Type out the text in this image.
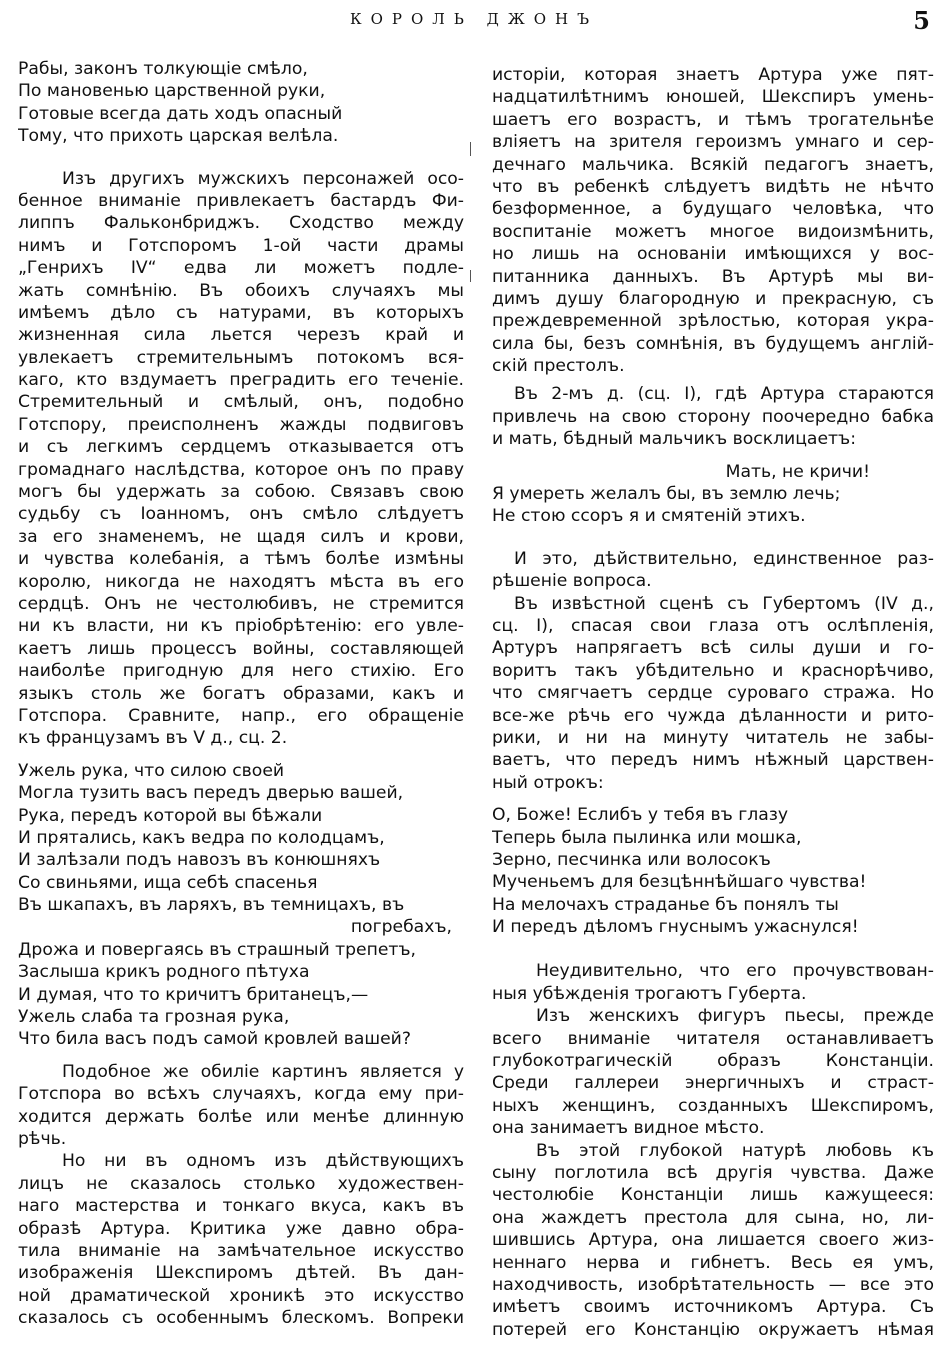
КОРОЛЬ ДЖОНЪ	5
Рабы, законъ толкующіе смѣло,
По мановенью царственной руки,
Готовые всегда дать ходъ опасный
Тому, что прихоть царская велѣла.
Изъ другихъ мужскихъ персонажей осо-
бенное вниманіе привлекаетъ бастардъ Фи-
липпъ Фальконбриджъ. Сходство между
нимъ и Готспоромъ 1-ой части драмы
„Генрихъ IV“ едва ли можетъ подле-
жать сомнѣнію. Въ обоихъ случаяхъ мы
имѣемъ дѣло съ натурами, въ которыхъ
жизненная сила льется черезъ край и
увлекаетъ стремительнымъ потокомъ вся-
каго, кто вздумаетъ преградить его теченіе.
Стремительный и смѣлый, онъ, подобно
Готспору, преисполненъ жажды подвиговъ
и съ легкимъ сердцемъ отказывается отъ
громаднаго наслѣдства, которое онъ по праву
могъ бы удержать за собою. Связавъ свою
судьбу съ Іоанномъ, онъ смѣло слѣдуетъ
за его знаменемъ, не щадя силъ и крови,
и чувства колебанія, а тѣмъ болѣе измѣны
королю, никогда не находятъ мѣста въ его
сердцѣ. Онъ не честолюбивъ, не стремится
ни къ власти, ни къ пріобрѣтенію: его увле-
каетъ лишь процессъ войны, составляющей
наиболѣе пригодную для него стихію. Его
языкъ столь же богатъ образами, какъ и
Готспора. Сравните, напр., его обращеніе
къ французамъ въ V д., сц. 2.
Ужель рука, что силою своей
Могла тузить васъ передъ дверью вашей,
Рука, передъ которой вы бѣжали
И прятались, какъ ведра по колодцамъ,
И залѣзали подъ навозъ въ конюшняхъ
Со свиньями, ища себѣ спасенья
Въ шкапахъ, въ ларяхъ, въ темницахъ, въ
погребахъ,
Дрожа и повергаясь въ страшный трепетъ,
Заслыша крикъ родного пѣтуха
И думая, что то кричитъ британецъ,—
Ужель слаба та грозная рука,
Что била васъ подъ самой кровлей вашей?
Подобное же обиліе картинъ является у
Готспора во всѣхъ случаяхъ, когда ему при-
ходится держать болѣе или менѣе длинную
рѣчь.
Но ни въ одномъ изъ дѣйствующихъ
лицъ не сказалось столько художествен-
наго мастерства и тонкаго вкуса, какъ въ
образѣ Артура. Критика уже давно обра-
тила вниманіе на замѣчательное искусство
изображенія Шекспиромъ дѣтей. Въ дан-
ной драматической хроникѣ это искусство
сказалось съ особеннымъ блескомъ. Вопреки
исторіи, которая знаетъ Артура уже пят-
надцатилѣтнимъ юношей, Шекспиръ умень-
шаетъ его возрастъ, и тѣмъ трогательнѣе
вліяетъ на зрителя героизмъ умнаго и сер-
дечнаго мальчика. Всякій педагогъ знаетъ,
что въ ребенкѣ слѣдуетъ видѣть не нѣчто
безформенное, а будущаго человѣка, что
воспитаніе можетъ многое видоизмѣнить,
но лишь на основаніи имѣющихся у вос-
питанника данныхъ. Въ Артурѣ мы ви-
димъ душу благородную и прекрасную, съ
преждевременной зрѣлостью, которая укра-
сила бы, безъ сомнѣнія, въ будущемъ англій-
скій престолъ.
Въ 2-мъ д. (сц. I), гдѣ Артура стараются
привлечь на свою сторону поочередно бабка
и мать, бѣдный мальчикъ восклицаетъ:
Мать, не кричи!
Я умереть желалъ бы, въ землю лечь;
Не стою ссоръ я и смятеній этихъ.
И это, дѣйствительно, единственное раз-
рѣшеніе вопроса.
Въ извѣстной сценѣ съ Губертомъ (IV д.,
сц. I), спасая свои глаза отъ ослѣпленія,
Артуръ напрягаетъ всѣ силы души и го-
воритъ такъ убѣдительно и краснорѣчиво,
что смягчаетъ сердце суроваго стража. Но
все-же рѣчь его чужда дѣланности и рито-
рики, и ни на минуту читатель не забы-
ваетъ, что передъ нимъ нѣжный царствен-
ный отрокъ:
О, Боже! Еслибъ у тебя въ глазу
Теперь была пылинка или мошка,
Зерно, песчинка или волосокъ
Мученьемъ для безцѣннѣйшаго чувства!
На мелочахъ страданье бъ понялъ ты
И передъ дѣломъ гнуснымъ ужаснулся!
Неудивительно, что его прочувствован-
ныя убѣжденія трогаютъ Губерта.
Изъ женскихъ фигуръ пьесы, прежде
всего вниманіе читателя останавливаетъ
глубокотрагическій образъ Констанціи.
Среди галлереи энергичныхъ и страст-
ныхъ женщинъ, созданныхъ Шекспиромъ,
она занимаетъ видное мѣсто.
Въ этой глубокой натурѣ любовь къ
сыну поглотила всѣ другія чувства. Даже
честолюбіе Констанціи лишь кажущееся:
она жаждетъ престола для сына, но, ли-
шившись Артура, она лишается своего жиз-
неннаго нерва и гибнетъ. Весь ея умъ,
находчивость, изобрѣтательность — все это
имѣетъ своимъ источникомъ Артура. Съ
потерей его Констанцію окружаетъ нѣмая
